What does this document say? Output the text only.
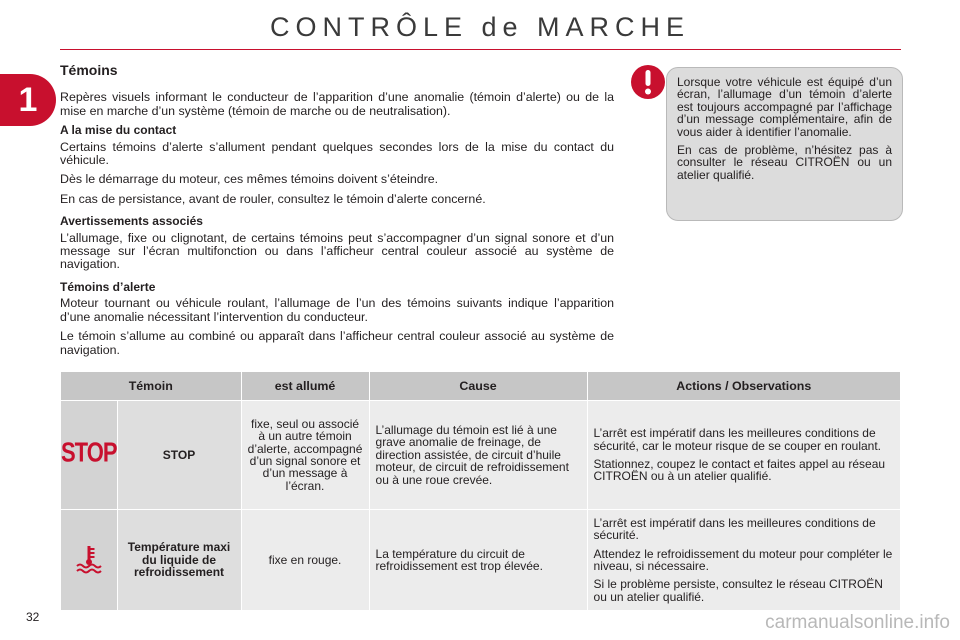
CONTRÔLE de MARCHE
1
Témoins

Repères visuels informant le conducteur de l’apparition d’une anomalie (témoin d’alerte) ou de la mise en marche d’un système (témoin de marche ou de neutralisation).

A la mise du contact

Certains témoins d’alerte s’allument pendant quelques secondes lors de la mise du contact du véhicule.

Dès le démarrage du moteur, ces mêmes témoins doivent s’éteindre.

En cas de persistance, avant de rouler, consultez le témoin d’alerte concerné.

Avertissements associés

L’allumage, fixe ou clignotant, de certains témoins peut s’accompagner d’un signal sonore et d’un message sur l’écran multifonction ou dans l’afficheur central couleur associé au système de navigation.

Témoins d’alerte

Moteur tournant ou véhicule roulant, l’allumage de l’un des témoins suivants indique l’apparition d’une anomalie nécessitant l’intervention du conducteur.

Le témoin s’allume au combiné ou apparaît dans l’afficheur central couleur associé au système de navigation.

Lorsque votre véhicule est équipé d’un écran, l’allumage d’un témoin d’alerte est toujours accompagné par l’affichage d’un message complémentaire, afin de vous aider à identifier l’anomalie.

En cas de problème, n’hésitez pas à consulter le réseau CITROËN ou un atelier qualifié.

Témoin		est allumé	Cause	Actions / Observations
STOP	STOP	fixe, seul ou associé à un autre témoin d’alerte, accompagné d’un signal sonore et d’un message à l’écran.	L’allumage du témoin est lié à une grave anomalie de freinage, de direction assistée, de circuit d’huile moteur, de circuit de refroidissement ou à une roue crevée.	L’arrêt est impératif dans les meilleures conditions de sécurité, car le moteur risque de se couper en roulant.

Stationnez, coupez le contact et faites appel au réseau CITROËN ou à un atelier qualifié.

	Température maxi du liquide de refroidissement	fixe en rouge.	La température du circuit de refroidissement est trop élevée.	L’arrêt est impératif dans les meilleures conditions de sécurité.

Attendez le refroidissement du moteur pour compléter le niveau, si nécessaire.

Si le problème persiste, consultez le réseau CITROËN ou un atelier qualifié.

32	carmanualsonline.info
